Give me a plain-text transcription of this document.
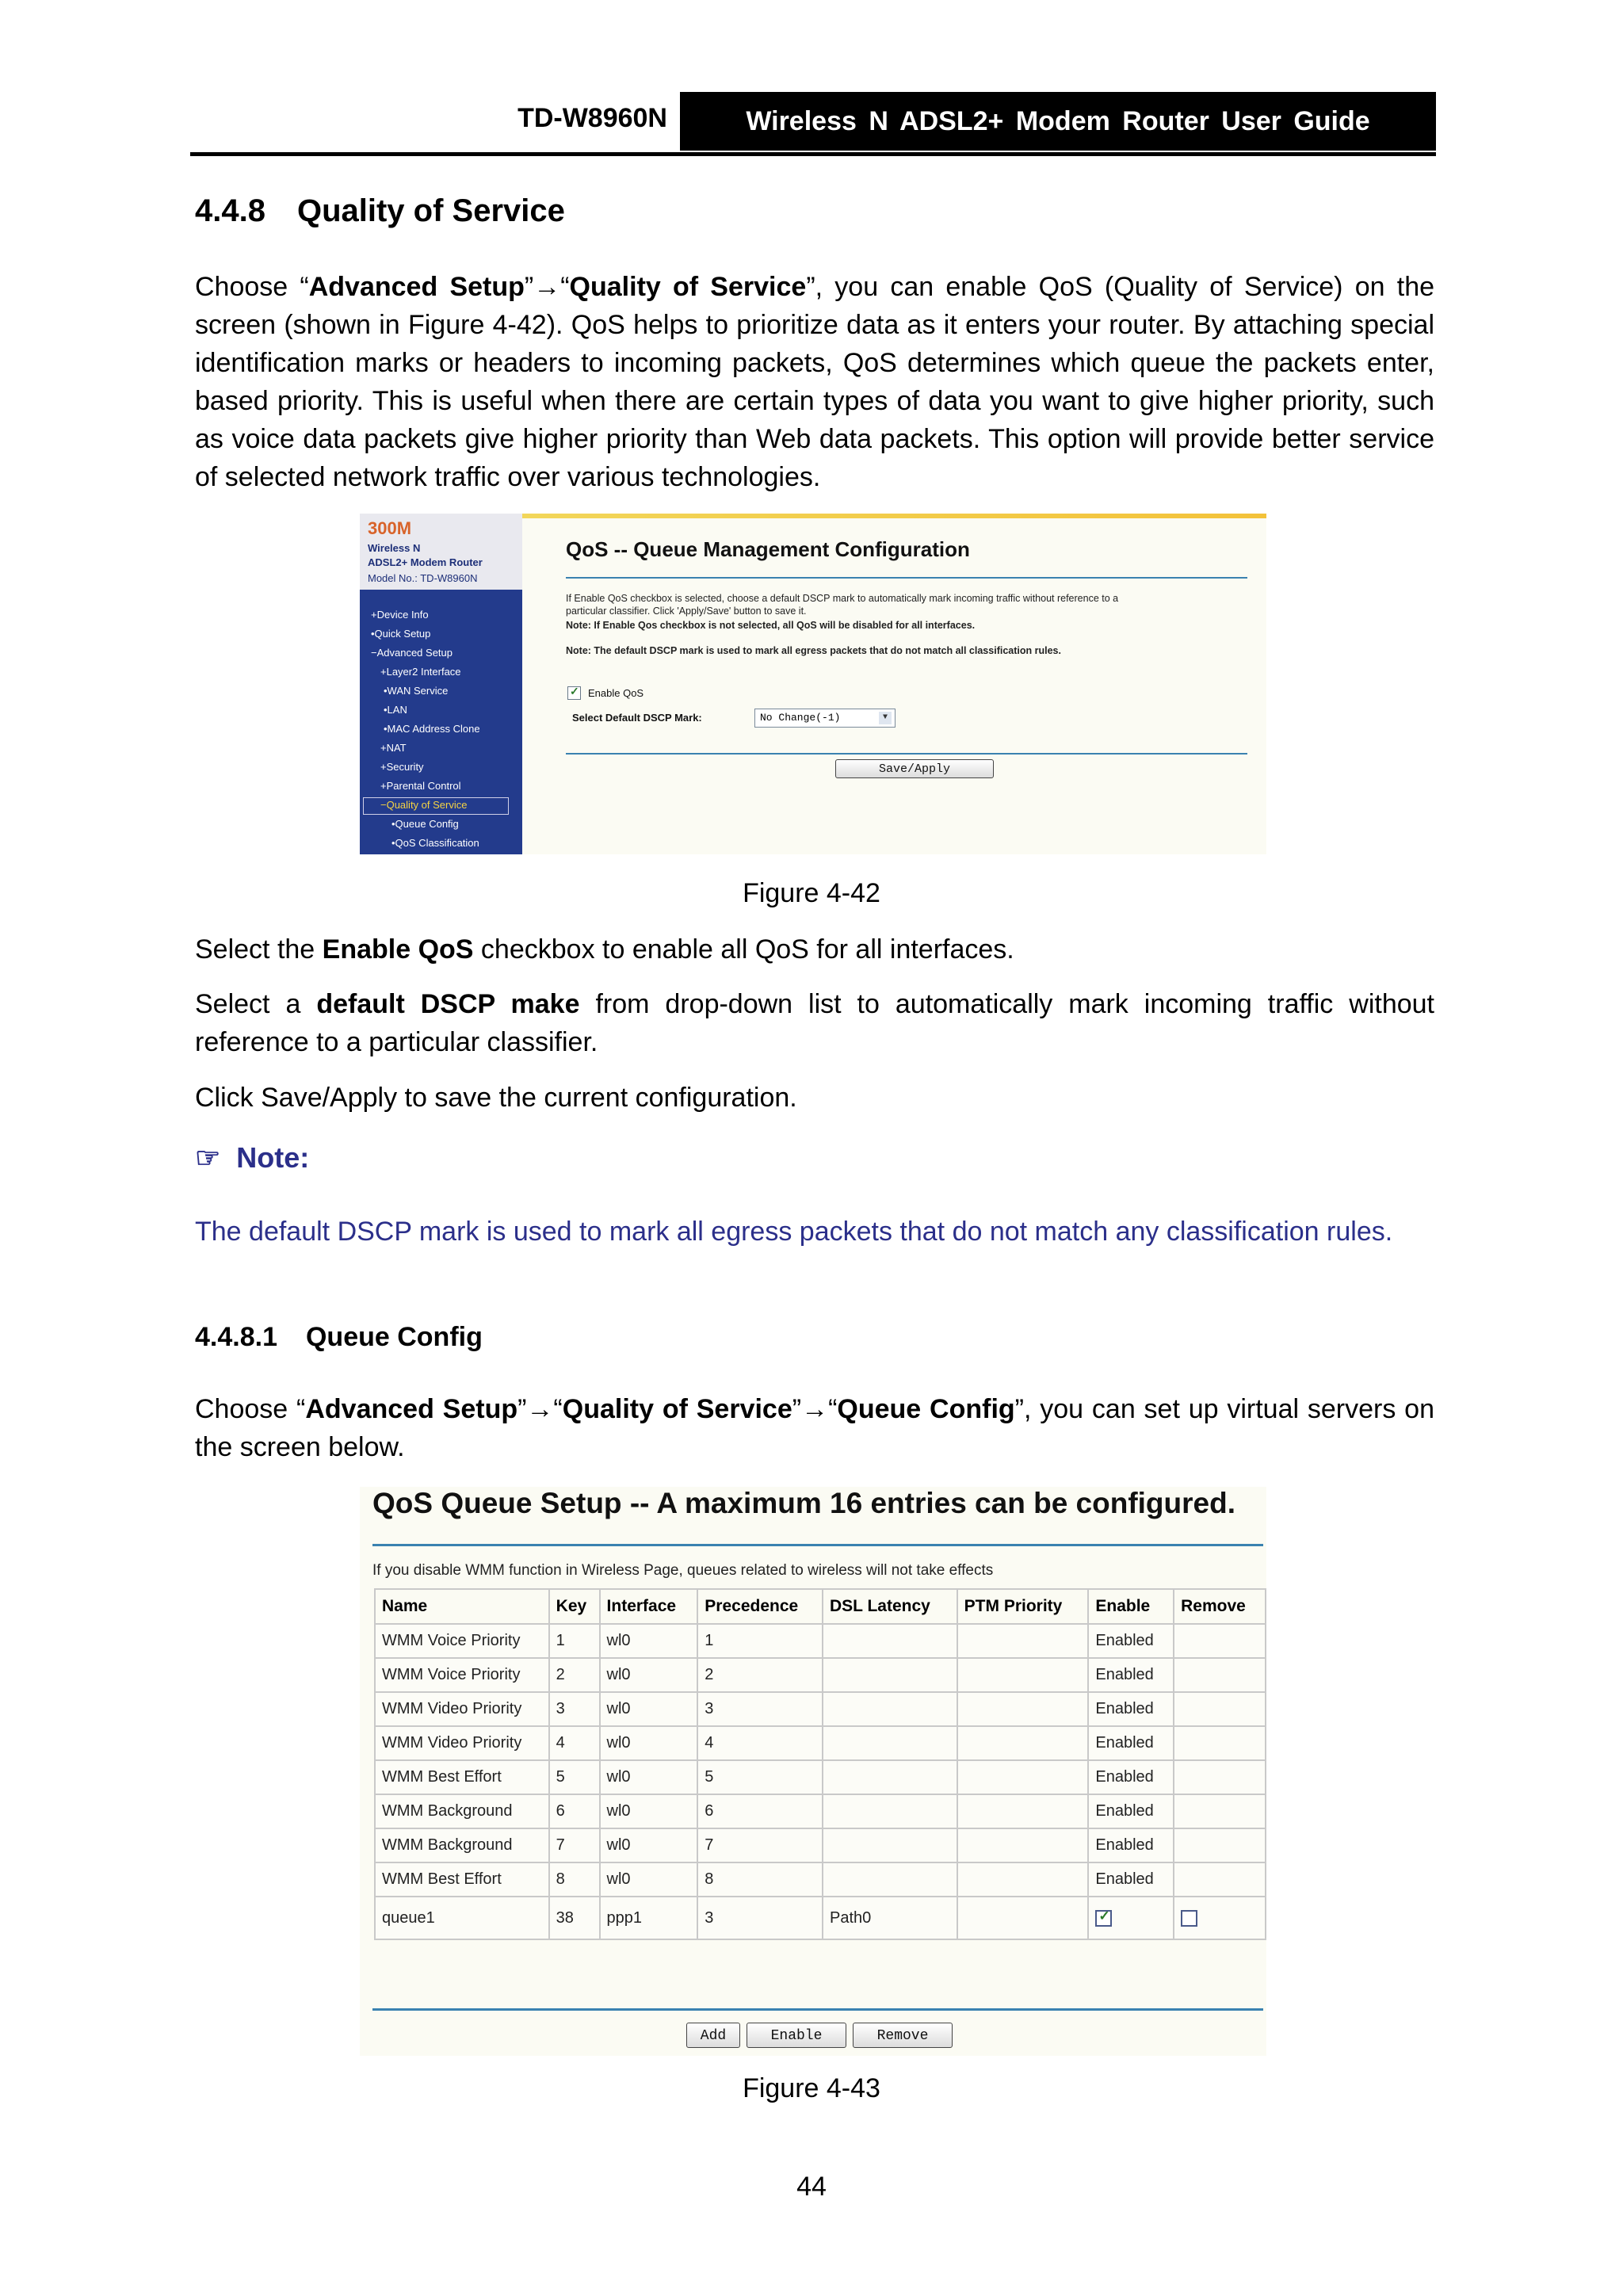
TD-W8960N	Wireless N ADSL2+ Modem Router User Guide
4.4.8 Quality of Service

Choose “Advanced Setup”→“Quality of Service”, you can enable QoS (Quality of Service) on the screen (shown in Figure 4-42). QoS helps to prioritize data as it enters your router. By attaching special identification marks or headers to incoming packets, QoS determines which queue the packets enter, based priority. This is useful when there are certain types of data you want to give higher priority, such as voice data packets give higher priority than Web data packets. This option will provide better service of selected network traffic over various technologies.

300M
Wireless N
ADSL2+ Modem Router
Model No.: TD-W8960N
+Device Info
•Quick Setup
−Advanced Setup
+Layer2 Interface
•WAN Service
•LAN
•MAC Address Clone
+NAT
+Security
+Parental Control
−Quality of Service
•Queue Config
•QoS Classification
QoS -- Queue Management Configuration
If Enable QoS checkbox is selected, choose a default DSCP mark to automatically mark incoming traffic without reference to a
particular classifier. Click 'Apply/Save' button to save it.
Note: If Enable Qos checkbox is not selected, all QoS will be disabled for all interfaces.
Note: The default DSCP mark is used to mark all egress packets that do not match all classification rules.
✓ Enable QoS
Select Default DSCP Mark:	No Change(-1)	▼
Save/Apply
Figure 4-42

Select the Enable QoS checkbox to enable all QoS for all interfaces.

Select a default DSCP make from drop-down list to automatically mark incoming traffic without reference to a particular classifier.

Click Save/Apply to save the current configuration.

☞ Note:

The default DSCP mark is used to mark all egress packets that do not match any classification rules.

4.4.8.1 Queue Config

Choose “Advanced Setup”→“Quality of Service”→“Queue Config”, you can set up virtual servers on the screen below.

QoS Queue Setup -- A maximum 16 entries can be configured.
If you disable WMM function in Wireless Page, queues related to wireless will not take effects
Name	Key	Interface	Precedence	DSL Latency	PTM Priority	Enable	Remove
WMM Voice Priority	1	wl0	1			Enabled	
WMM Voice Priority	2	wl0	2			Enabled	
WMM Video Priority	3	wl0	3			Enabled	
WMM Video Priority	4	wl0	4			Enabled	
WMM Best Effort	5	wl0	5			Enabled	
WMM Background	6	wl0	6			Enabled	
WMM Background	7	wl0	7			Enabled	
WMM Best Effort	8	wl0	8			Enabled	
queue1	38	ppp1	3	Path0		✓	

Add	Enable	Remove
Figure 4-43
44
